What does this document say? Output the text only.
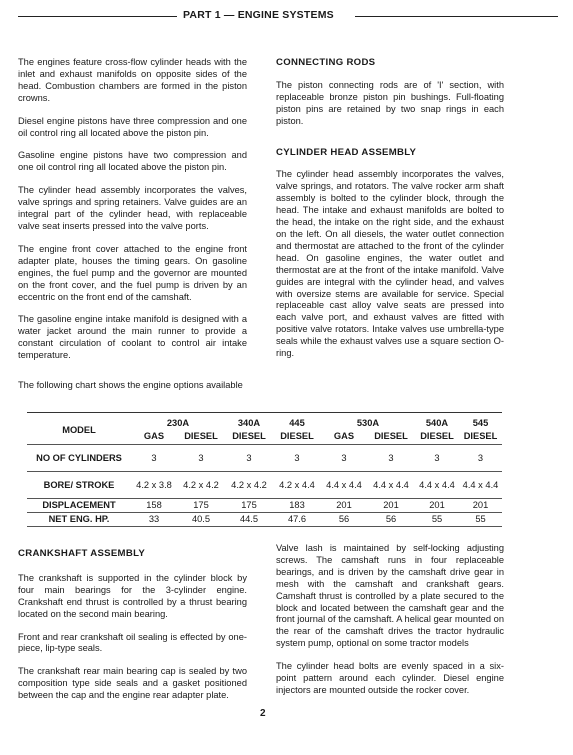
PART 1 — ENGINE SYSTEMS

The engines feature cross-flow cylinder heads with the inlet and exhaust manifolds on opposite sides of the head. Combustion chambers are formed in the piston crowns.

Diesel engine pistons have three compression and one oil control ring all located above the piston pin.

Gasoline engine pistons have two compression and one oil control ring all located above the piston pin.

The cylinder head assembly incorporates the valves, valve springs and spring retainers. Valve guides are an integral part of the cylinder head, with replaceable valve seat inserts pressed into the valve ports.

The engine front cover attached to the engine front adapter plate, houses the timing gears. On gasoline engines, the fuel pump and the governor are mounted on the front cover, and the fuel pump is driven by an eccentric on the front end of the camshaft.

The gasoline engine intake manifold is designed with a water jacket around the main runner to provide a constant circulation of coolant to control air intake temperature.

CONNECTING RODS

The piston connecting rods are of 'I' section, with replaceable bronze piston pin bushings. Full-floating piston pins are retained by two snap rings in each piston.

CYLINDER HEAD ASSEMBLY

The cylinder head assembly incorporates the valves, valve springs, and rotators. The valve rocker arm shaft assembly is bolted to the cylinder block, through the head. The intake and exhaust manifolds are bolted to the head, the intake on the right side, and the exhaust on the left. On all diesels, the water outlet connection and thermostat are attached to the front of the cylinder head. On gasoline engines, the water outlet and thermostat are at the front of the intake manifold. Valve guides are integral with the cylinder head, and valves with oversize stems are available for service. Special replaceable cast alloy valve seats are pressed into each valve port, and exhaust valves are fitted with positive valve rotators. Intake valves use umbrella-type seals while the exhaust valves use a square section O-ring.

The following chart shows the engine options available
MODEL	230A		340A	445	530A		540A	545
	GAS	DIESEL	DIESEL	DIESEL	GAS	DIESEL	DIESEL	DIESEL
NO OF CYLINDERS	3	3	3	3	3	3	3	3
BORE/ STROKE	4.2 x 3.8	4.2 x 4.2	4.2 x 4.2	4.2 x 4.4	4.4 x 4.4	4.4 x 4.4	4.4 x 4.4	4.4 x 4.4
DISPLACEMENT	158	175	175	183	201	201	201	201
NET ENG. HP.	33	40.5	44.5	47.6	56	56	55	55
CRANKSHAFT ASSEMBLY

The crankshaft is supported in the cylinder block by four main bearings for the 3-cylinder engine. Crankshaft end thrust is controlled by a thrust bearing located on the second main bearing.

Front and rear crankshaft oil sealing is effected by one-piece, lip-type seals.

The crankshaft rear main bearing cap is sealed by two composition type side seals and a gasket positioned between the cap and the engine rear adapter plate.

Valve lash is maintained by self-locking adjusting screws. The camshaft runs in four replaceable bearings, and is driven by the camshaft drive gear in mesh with the camshaft and crankshaft gears. Camshaft thrust is controlled by a plate secured to the block and located between the camshaft gear and the front journal of the camshaft. A helical gear mounted on the rear of the camshaft drives the tractor hydraulic system pump, optional on some tractor models

The cylinder head bolts are evenly spaced in a six-point pattern around each cylinder. Diesel engine injectors are mounted outside the rocker cover.

2
